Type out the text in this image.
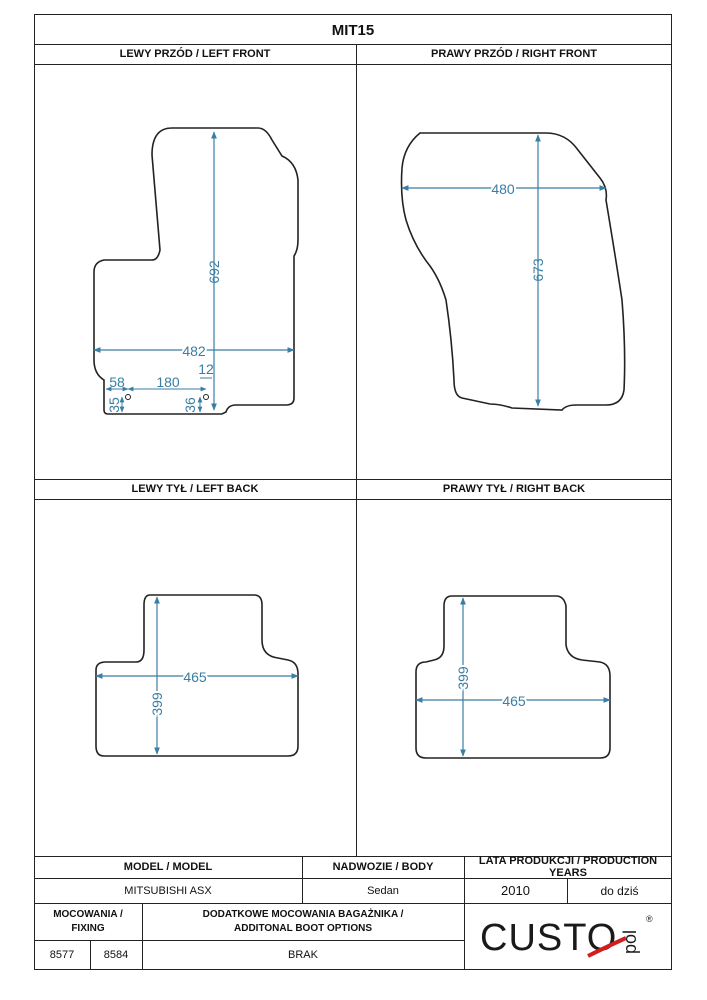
MIT15
LEWY PRZÓD / LEFT FRONT	PRAWY PRZÓD / RIGHT FRONT
LEWY TYŁ / LEFT BACK	PRAWY TYŁ / RIGHT BACK
692
482
58 180
12
35	36
480
673
465
399	465
399
MODEL / MODEL	NADWOZIE / BODY	LATA PRODUKCJI / PRODUCTION YEARS
MITSUBISHI ASX	Sedan	2010	do dziś
MOCOWANIA /
FIXING
DODATKOWE MOCOWANIA BAGAŻNIKA /
ADDITONAL BOOT OPTIONS
8577	8584	BRAK	CUSTO pol
®
